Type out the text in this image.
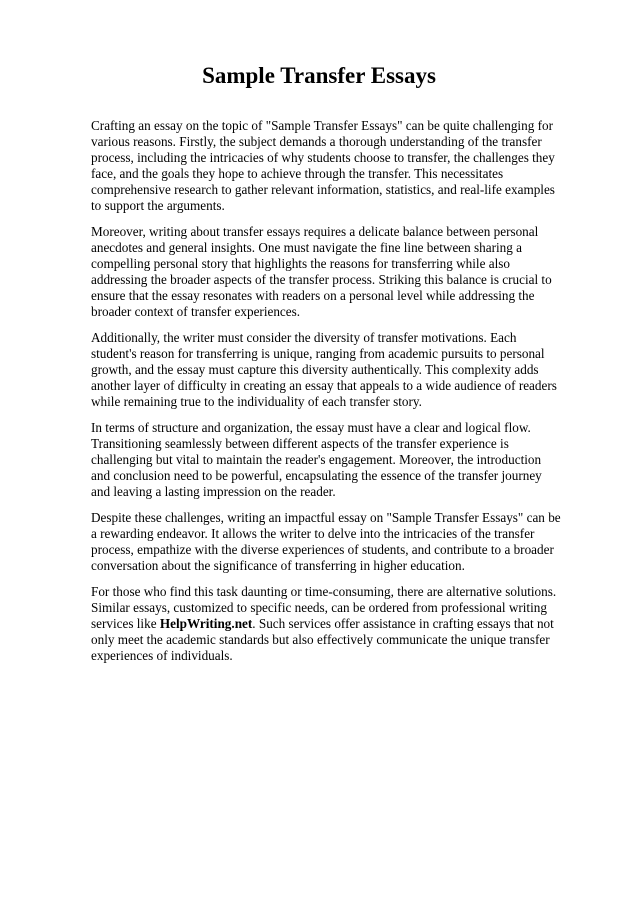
Sample Transfer Essays

Crafting an essay on the topic of "Sample Transfer Essays" can be quite challenging for various reasons. Firstly, the subject demands a thorough understanding of the transfer process, including the intricacies of why students choose to transfer, the challenges they face, and the goals they hope to achieve through the transfer. This necessitates comprehensive research to gather relevant information, statistics, and real-life examples to support the arguments.

Moreover, writing about transfer essays requires a delicate balance between personal anecdotes and general insights. One must navigate the fine line between sharing a compelling personal story that highlights the reasons for transferring while also addressing the broader aspects of the transfer process. Striking this balance is crucial to ensure that the essay resonates with readers on a personal level while addressing the broader context of transfer experiences.

Additionally, the writer must consider the diversity of transfer motivations. Each student's reason for transferring is unique, ranging from academic pursuits to personal growth, and the essay must capture this diversity authentically. This complexity adds another layer of difficulty in creating an essay that appeals to a wide audience of readers while remaining true to the individuality of each transfer story.

In terms of structure and organization, the essay must have a clear and logical flow. Transitioning seamlessly between different aspects of the transfer experience is challenging but vital to maintain the reader's engagement. Moreover, the introduction and conclusion need to be powerful, encapsulating the essence of the transfer journey and leaving a lasting impression on the reader.

Despite these challenges, writing an impactful essay on "Sample Transfer Essays" can be a rewarding endeavor. It allows the writer to delve into the intricacies of the transfer process, empathize with the diverse experiences of students, and contribute to a broader conversation about the significance of transferring in higher education.

For those who find this task daunting or time-consuming, there are alternative solutions. Similar essays, customized to specific needs, can be ordered from professional writing services like HelpWriting.net. Such services offer assistance in crafting essays that not only meet the academic standards but also effectively communicate the unique transfer experiences of individuals.
